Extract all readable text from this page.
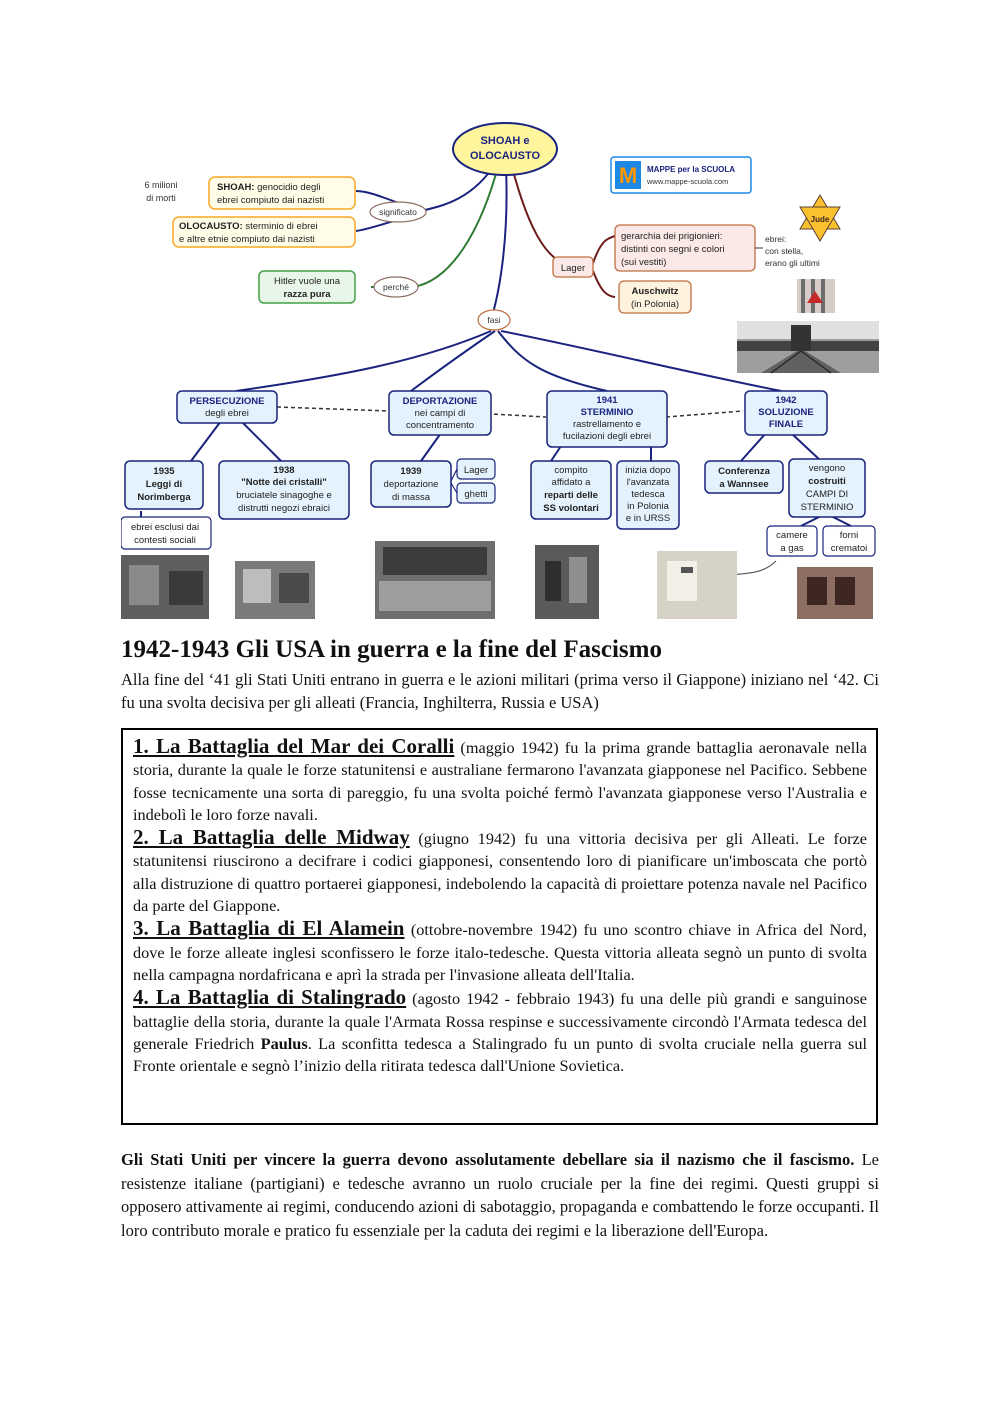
SHOAH e
OLOCAUSTO
M MAPPE per la SCUOLA
www.mappe-scuola.com
6 milioni
di morti
SHOAH: genocidio degli
ebrei compiuto dai nazisti
OLOCAUSTO: sterminio di ebrei
e altre etnie compiuto dai nazisti
significato
Hitler vuole una
razza pura
perché
Lager
gerarchia dei prigionieri:
distinti con segni e colori
(sui vestiti)
ebrei:
con stella,
erano gli ultimi
Jude
Auschwitz
(in Polonia)
fasi
PERSECUZIONE
degli ebrei
DEPORTAZIONE
nei campi di
concentramento
1941
STERMINIO
rastrellamento e
fucilazioni degli ebrei
1942
SOLUZIONE
FINALE
1935
Leggi di
Norimberga
1938
"Notte dei cristalli"
bruciatele sinagoghe e
distrutti negozi ebraici
ebrei esclusi dai
contesti sociali
1939
deportazione
di massa
Lager
ghetti
compito
affidato a
reparti delle
SS volontari
inizia dopo
l'avanzata
tedesca
in Polonia
e in URSS
Conferenza
a Wannsee
vengono
costruiti
CAMPI DI
STERMINIO
camere
a gas
forni
crematoi
1942-1943 Gli USA in guerra e la fine del Fascismo

Alla fine del ‘41 gli Stati Uniti entrano in guerra e le azioni militari (prima verso il Giappone) iniziano nel ‘42. Ci fu una svolta decisiva per gli alleati (Francia, Inghilterra, Russia e USA)

1. La Battaglia del Mar dei Coralli (maggio 1942) fu la prima grande battaglia aeronavale nella storia, durante la quale le forze statunitensi e australiane fermarono l'avanzata giapponese nel Pacifico. Sebbene fosse tecnicamente una sorta di pareggio, fu una svolta poiché fermò l'avanzata giapponese verso l'Australia e indebolì le loro forze navali.

2. La Battaglia delle Midway (giugno 1942) fu una vittoria decisiva per gli Alleati. Le forze statunitensi riuscirono a decifrare i codici giapponesi, consentendo loro di pianificare un'imboscata che portò alla distruzione di quattro portaerei giapponesi, indebolendo la capacità di proiettare potenza navale nel Pacifico da parte del Giappone.

3. La Battaglia di El Alamein (ottobre-novembre 1942) fu uno scontro chiave in Africa del Nord, dove le forze alleate inglesi sconfissero le forze italo-tedesche. Questa vittoria alleata segnò un punto di svolta nella campagna nordafricana e aprì la strada per l'invasione alleata dell'Italia.

4. La Battaglia di Stalingrado (agosto 1942 - febbraio 1943) fu una delle più grandi e sanguinose battaglie della storia, durante la quale l'Armata Rossa respinse e successivamente circondò l'Armata tedesca del generale Friedrich Paulus. La sconfitta tedesca a Stalingrado fu un punto di svolta cruciale nella guerra sul Fronte orientale e segnò l’inizio della ritirata tedesca dall'Unione Sovietica.

Gli Stati Uniti per vincere la guerra devono assolutamente debellare sia il nazismo che il fascismo. Le resistenze italiane (partigiani) e tedesche avranno un ruolo cruciale per la fine dei regimi. Questi gruppi si opposero attivamente ai regimi, conducendo azioni di sabotaggio, propaganda e combattendo le forze occupanti. Il loro contributo morale e pratico fu essenziale per la caduta dei regimi e la liberazione dell'Europa.
